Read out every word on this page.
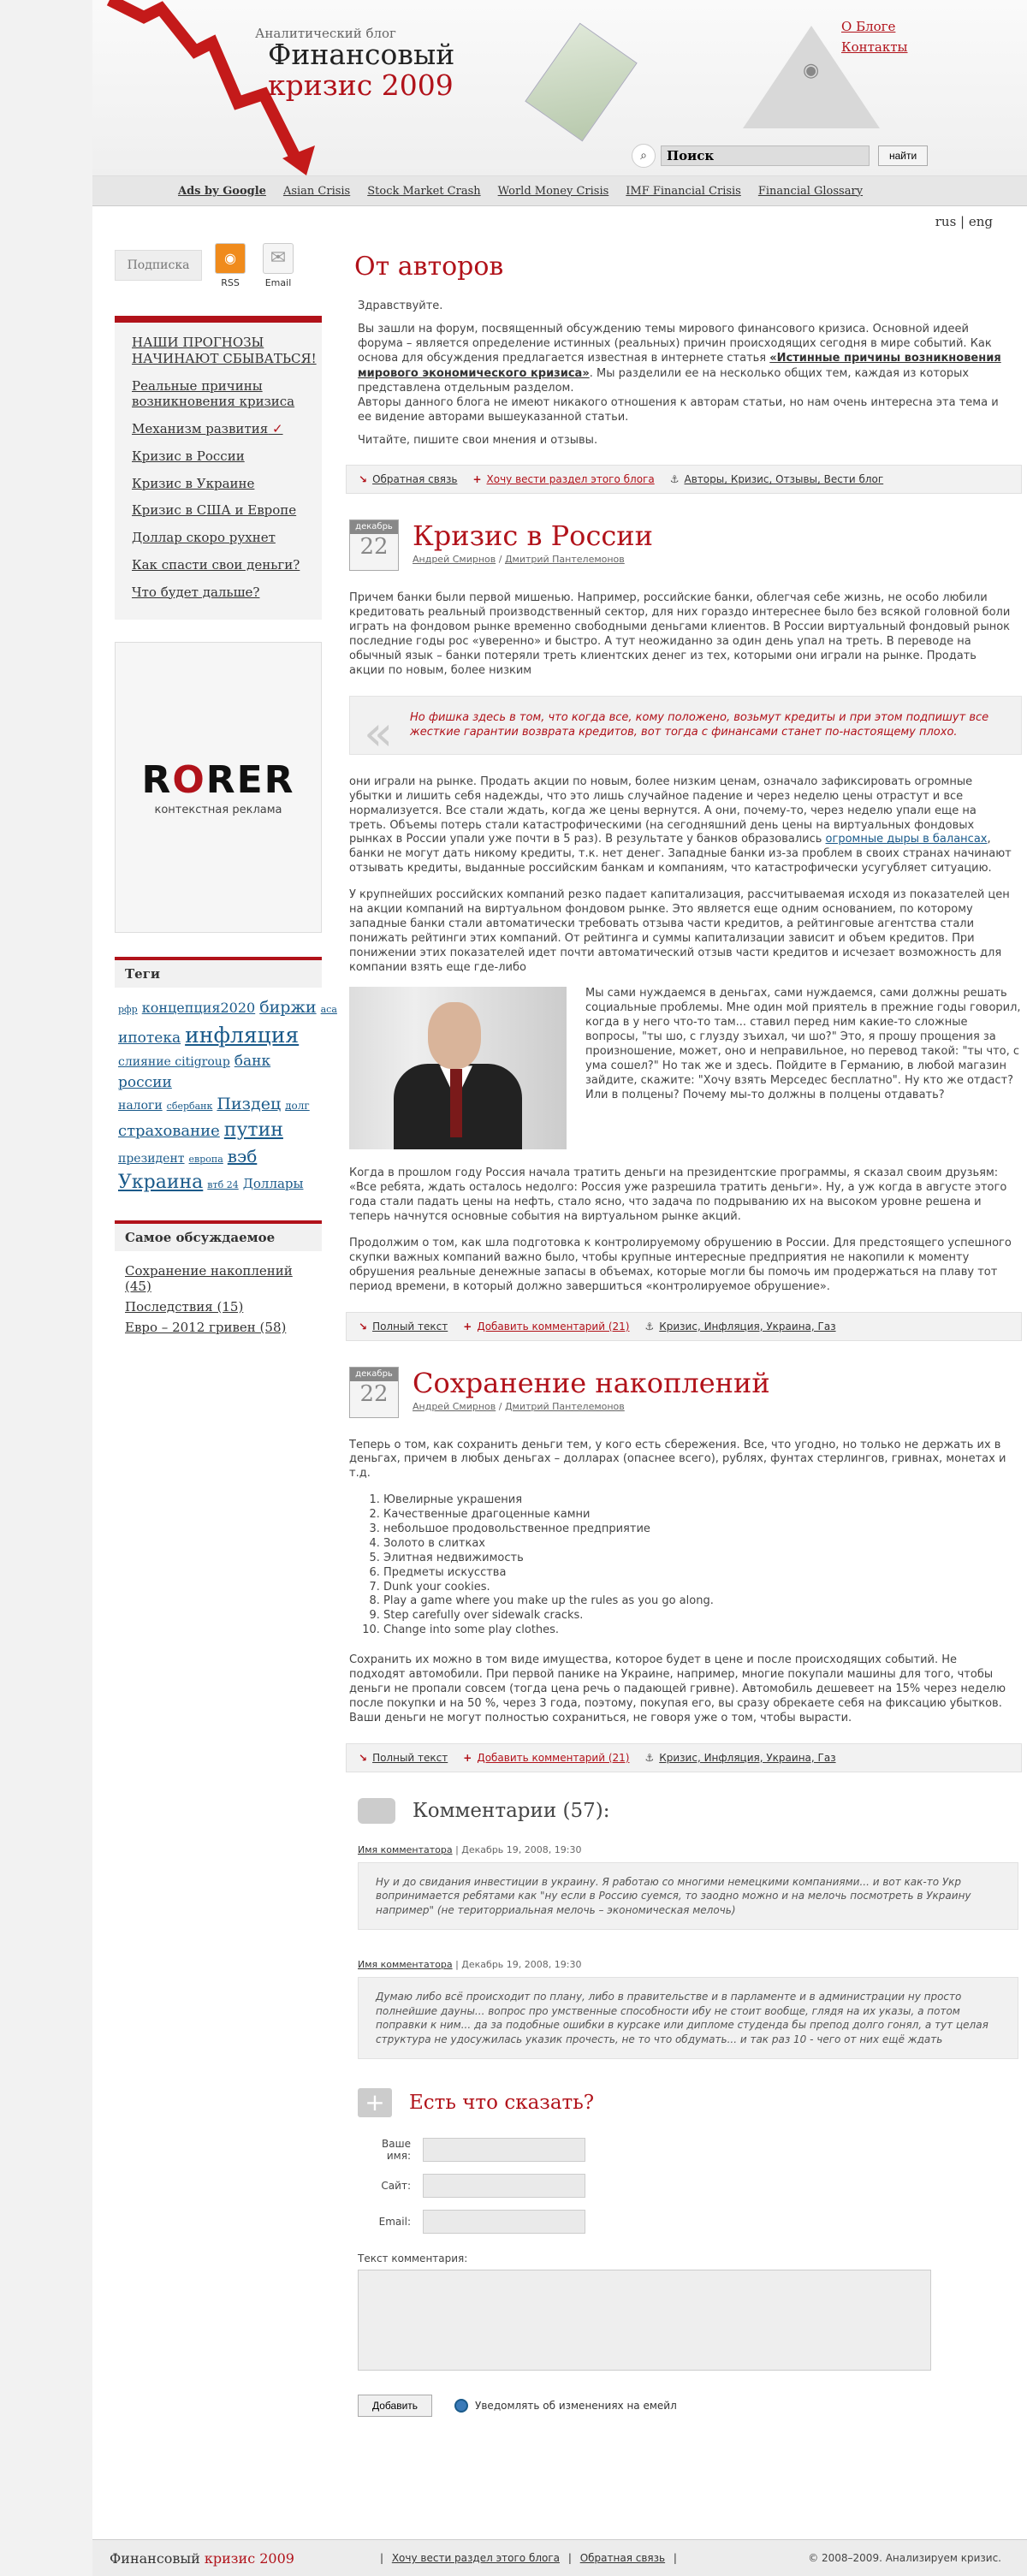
Аналитический блог
Финансовый
кризис 2009	◉
О Блоге
Контакты
⌕
Поиск	найти
Ads by Google Asian Crisis Stock Market Crash World Money Crisis IMF Financial Crisis Financial Glossary
rus | eng
Подписка	◉
RSS
✉
Email
НАШИ ПРОГНОЗЫ НАЧИНАЮТ СБЫВАТЬСЯ!
Реальные причины возникновения кризиса
Механизм развития ✓
Кризис в России
Кризис в Украине
Кризис в США и Европе
Доллар скоро рухнет
Как спасти свои деньги?
Что будет дальше?
RORER
контекстная реклама
Теги
рфр концепция2020 биржи аса
ипотека инфляция
слияние citigroup банк россии
налоги сбербанк Пиздец долг
страхование путин
президент европа вэб
Украина втб 24 Доллары
Самое обсуждаемое
Сохранение накоплений (45)
Последствия (15)
Евро – 2012 гривен (58)
От авторов

Здравствуйте.

Вы зашли на форум, посвященный обсуждению темы мирового финансового кризиса. Основной идеей форума – является определение истинных (реальных) причин происходящих сегодня в мире событий. Как основа для обсуждения предлагается известная в интернете статья «Истинные причины возникновения мирового экономического кризиса». Мы разделили ее на несколько общих тем, каждая из которых представлена отдельным разделом.
Авторы данного блога не имеют никакого отношения к авторам статьи, но нам очень интересна эта тема и ее видение авторами вышеуказанной статьи.

Читайте, пишите свои мнения и отзывы.

↘ Обратная связь + Хочу вести раздел этого блога ⚓ Авторы, Кризис, Отзывы, Вести блог
декабрь
22 Кризис в России
Андрей Смирнов / Дмитрий Пантелемонов

Причем банки были первой мишенью. Например, российские банки, облегчая себе жизнь, не особо любили кредитовать реальный производственный сектор, для них гораздо интереснее было без всякой головной боли играть на фондовом рынке временно свободными деньгами клиентов. В России виртуальный фондовый рынок последние годы рос «уверенно» и быстро. А тут неожиданно за один день упал на треть. В переводе на обычный язык – банки потеряли треть клиентских денег из тех, которыми они играли на рынке. Продать акции по новым, более низким

« Но фишка здесь в том, что когда все, кому положено, возьмут кредиты и при этом подпишут все жесткие гарантии возврата кредитов, вот тогда с финансами станет по-настоящему плохо.

они играли на рынке. Продать акции по новым, более низким ценам, означало зафиксировать огромные убытки и лишить себя надежды, что это лишь случайное падение и через неделю цены отрастут и все нормализуется. Все стали ждать, когда же цены вернутся. А они, почему-то, через неделю упали еще на треть. Объемы потерь стали катастрофическими (на сегодняшний день цены на виртуальных фондовых рынках в России упали уже почти в 5 раз). В результате у банков образовались огромные дыры в балансах, банки не могут дать никому кредиты, т.к. нет денег. Западные банки из-за проблем в своих странах начинают отзывать кредиты, выданные российским банкам и компаниям, что катастрофически усугубляет ситуацию.

У крупнейших российских компаний резко падает капитализация, рассчитываемая исходя из показателей цен на акции компаний на виртуальном фондовом рынке. Это является еще одним основанием, по которому западные банки стали автоматически требовать отзыва части кредитов, а рейтинговые агентства стали понижать рейтинги этих компаний. От рейтинга и суммы капитализации зависит и объем кредитов. При понижении этих показателей идет почти автоматический отзыв части кредитов и исчезает возможность для компании взять еще где-либо

Мы сами нуждаемся в деньгах, сами нуждаемся, сами должны решать социальные проблемы. Мне один мой приятель в прежние годы говорил, когда в у него что-то там... ставил перед ним какие-то сложные вопросы, "ты шо, с глузду зъихал, чи шо?" Это, я прошу прощения за произношение, может, оно и неправильное, но перевод такой: "ты что, с ума сошел?" Но так же и здесь. Пойдите в Германию, в любой магазин зайдите, скажите: "Хочу взять Мерседес бесплатно". Ну кто же отдаст? Или в полцены? Почему мы-то должны в полцены отдавать?

Когда в прошлом году Россия начала тратить деньги на президентские программы, я сказал своим друзьям: «Все ребята, ждать осталось недолго: Россия уже разрешила тратить деньги». Ну, а уж когда в августе этого года стали падать цены на нефть, стало ясно, что задача по подрыванию их на высоком уровне решена и теперь начнутся основные события на виртуальном рынке акций.

Продолжим о том, как шла подготовка к контролируемому обрушению в России. Для предстоящего успешного скупки важных компаний важно было, чтобы крупные интересные предприятия не накопили к моменту обрушения реальные денежные запасы в объемах, которые могли бы помочь им продержаться на плаву тот период времени, в который должно завершиться «контролируемое обрушение».

↘ Полный текст + Добавить комментарий (21) ⚓ Кризис, Инфляция, Украина, Газ
декабрь
22 Сохранение накоплений
Андрей Смирнов / Дмитрий Пантелемонов

Теперь о том, как сохранить деньги тем, у кого есть сбережения. Все, что угодно, но только не держать их в деньгах, причем в любых деньгах – долларах (опаснее всего), рублях, фунтах стерлингов, гривнах, монетах и т.д.

1. Ювелирные украшения
2. Качественные драгоценные камни
3. небольшое продовольственное предприятие
4. Золото в слитках
5. Элитная недвижимость
6. Предметы искусства
7. Dunk your cookies.
8. Play a game where you make up the rules as you go along.
9. Step carefully over sidewalk cracks.
10. Change into some play clothes.

Сохранить их можно в том виде имущества, которое будет в цене и после происходящих событий. Не подходят автомобили. При первой панике на Украине, например, многие покупали машины для того, чтобы деньги не пропали совсем (тогда цена речь о падающей гривне). Автомобиль дешевеет на 15% через неделю после покупки и на 50 %, через 3 года, поэтому, покупая его, вы сразу обрекаете себя на фиксацию убытков. Ваши деньги не могут полностью сохраниться, не говоря уже о том, чтобы вырасти.

↘ Полный текст + Добавить комментарий (21) ⚓ Кризис, Инфляция, Украина, Газ
Комментарии (57):
Имя комментатора | Декабрь 19, 2008, 19:30
Ну и до свидания инвестиции в украину. Я работаю со многими немецкими компаниями... и вот как-то Укр вопринимается ребятами как "ну если в Россию суемся, то заодно можно и на мелочь посмотреть в Украину например" (не територриальная мелочь – экономическая мелочь)
Имя комментатора | Декабрь 19, 2008, 19:30
Думаю либо всё происходит по плану, либо в правительстве и в парламенте и в администрации ну просто полнейшие дауны... вопрос про умственные способности ибу не стоит вообще, глядя на их указы, а потом поправки к ним... да за подобные ошибки в курсаке или дипломе студенда бы препод долго гонял, а тут целая структура не удосужилась указик прочесть, не то что обдумать... и так раз 10 - чего от них ещё ждать
+	Есть что сказать?
Ваше имя:
Сайт:
Email:
Текст комментария:
Добавить	Уведомлять об изменениях на емейл
Финансовый кризис 2009	| Хочу вести раздел этого блога | Обратная связь |	© 2008–2009. Анализируем кризис.
